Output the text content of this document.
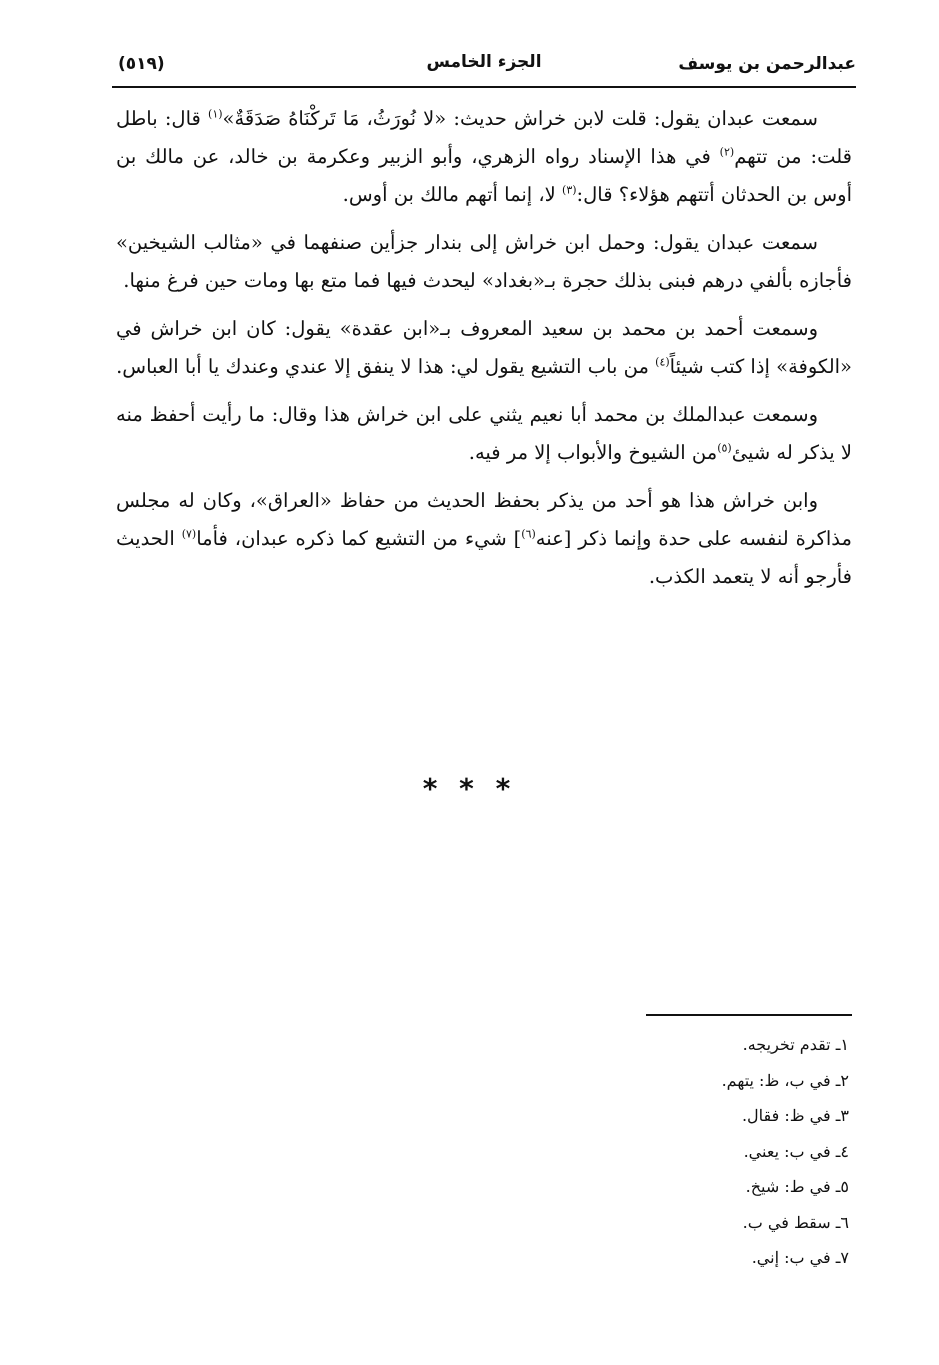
عبدالرحمن بن يوسف
الجزء الخامس
(٥١٩)

سمعت عبدان يقول: قلت لابن خراش حديث: «لا نُورَثُ، مَا تَركْنَاهُ صَدَقَةٌ»$^{(١)}$ قال: باطل قلت: من تتهم$^{(٢)}$ في هذا الإسناد رواه الزهري، وأبو الزبير وعكرمة بن خالد، عن مالك بن أوس بن الحدثان أتتهم هؤلاء؟ قال:$^{(٣)}$ لا، إنما أتهم مالك بن أوس.

سمعت عبدان يقول: وحمل ابن خراش إلى بندار جزأين صنفهما في «مثالب الشيخين» فأجازه بألفي درهم فبنى بذلك حجرة بـ«بغداد» ليحدث فيها فما متع بها ومات حين فرغ منها.

وسمعت أحمد بن محمد بن سعيد المعروف بـ«ابن عقدة» يقول: كان ابن خراش في «الكوفة» إذا كتب شيئاً$^{(٤)}$ من باب التشيع يقول لي: هذا لا ينفق إلا عندي وعندك يا أبا العباس.

وسمعت عبدالملك بن محمد أبا نعيم يثني على ابن خراش هذا وقال: ما رأيت أحفظ منه لا يذكر له شيئ$^{(٥)}$من الشيوخ والأبواب إلا مر فيه.

وابن خراش هذا هو أحد من يذكر بحفظ الحديث من حفاظ «العراق»، وكان له مجلس مذاكرة لنفسه على حدة وإنما ذكر [عنه$^{(٦)}$] شيء من التشيع كما ذكره عبدان، فأما$^{(٧)}$ الحديث فأرجو أنه لا يتعمد الكذب.

* * *
١ـ تقدم تخريجه.
٢ـ في ب، ظ: يتهم.
٣ـ في ظ: فقال.
٤ـ في ب: يعني.
٥ـ في ط: شيخ.
٦ـ سقط في ب.
٧ـ في ب: إني.
